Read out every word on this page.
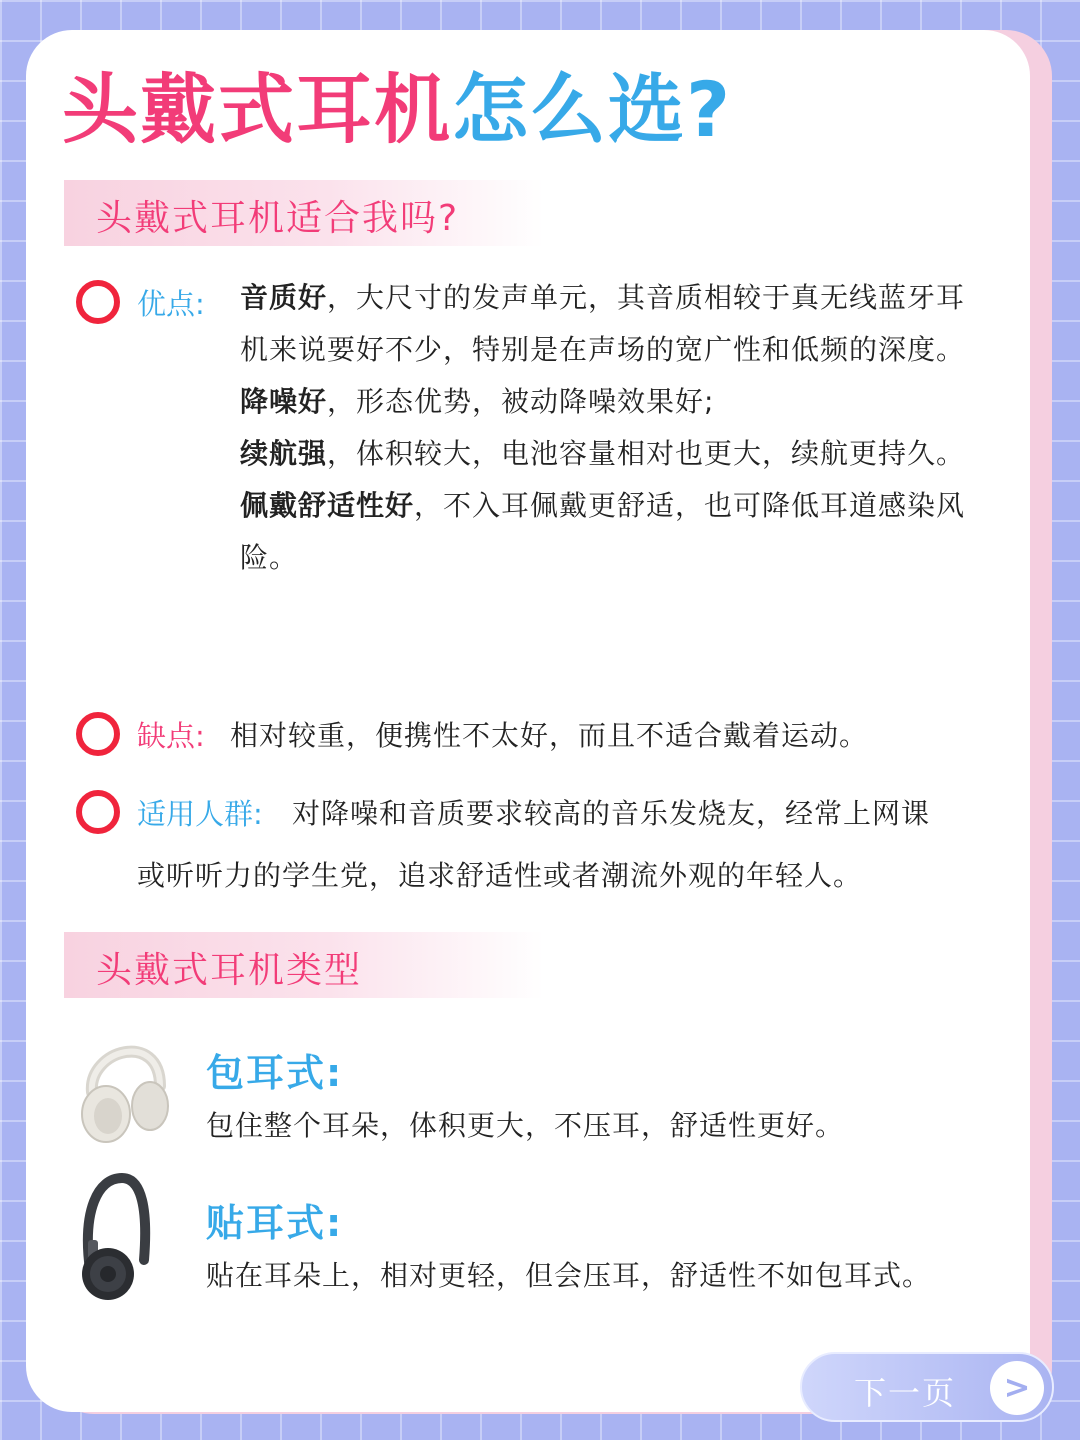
头戴式耳机怎么选?
头戴式耳机适合我吗?
优点: 音质好，大尺寸的发声单元，其音质相较于真无线蓝牙耳机来说要好不少，特别是在声场的宽广性和低频的深度。

降噪好，形态优势，被动降噪效果好;

续航强，体积较大，电池容量相对也更大，续航更持久。

佩戴舒适性好，不入耳佩戴更舒适，也可降低耳道感染风险。

缺点: 相对较重，便携性不太好，而且不适合戴着运动。
适用人群: 对降噪和音质要求较高的音乐发烧友，经常上网课
或听听力的学生党，追求舒适性或者潮流外观的年轻人。
头戴式耳机类型
包耳式:
包住整个耳朵，体积更大，不压耳，舒适性更好。
贴耳式:
贴在耳朵上，相对更轻，但会压耳，舒适性不如包耳式。
下一页	>
